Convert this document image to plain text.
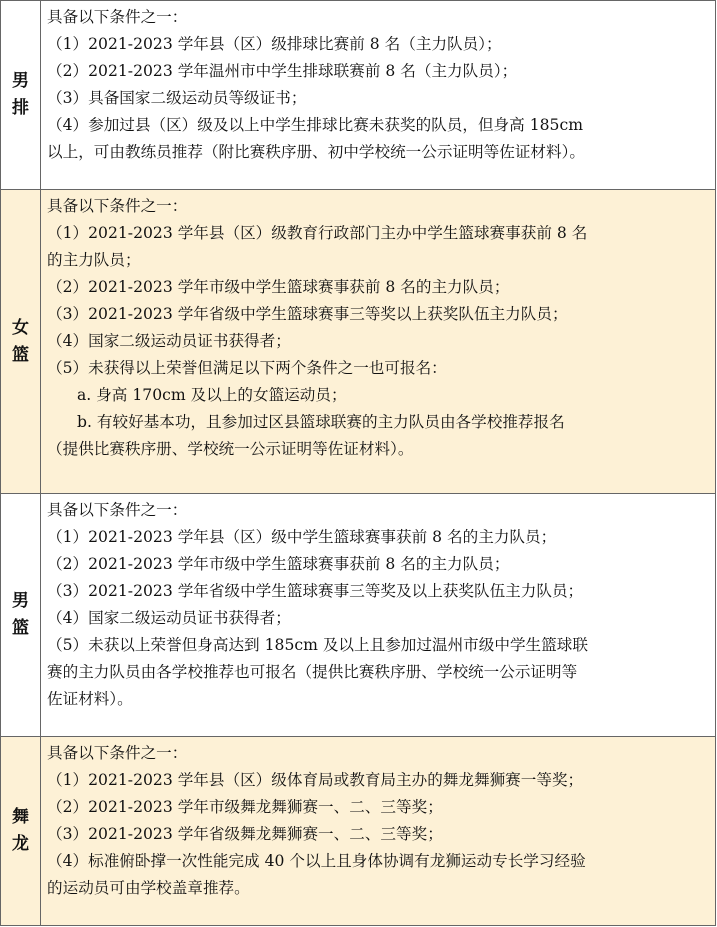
男
排
具备以下条件之一：
（1）2021-2023 学年县（区）级排球比赛前 8 名（主力队员）；
（2）2021-2023 学年温州市中学生排球联赛前 8 名（主力队员）；
（3）具备国家二级运动员等级证书；
（4）参加过县（区）级及以上中学生排球比赛未获奖的队员，但身高 185cm
以上，可由教练员推荐（附比赛秩序册、初中学校统一公示证明等佐证材料）。
女
篮
具备以下条件之一：
（1）2021-2023 学年县（区）级教育行政部门主办中学生篮球赛事获前 8 名
的主力队员；
（2）2021-2023 学年市级中学生篮球赛事获前 8 名的主力队员；
（3）2021-2023 学年省级中学生篮球赛事三等奖以上获奖队伍主力队员；
（4）国家二级运动员证书获得者；
（5）未获得以上荣誉但满足以下两个条件之一也可报名：
a. 身高 170cm 及以上的女篮运动员；
b. 有较好基本功，且参加过区县篮球联赛的主力队员由各学校推荐报名
（提供比赛秩序册、学校统一公示证明等佐证材料）。
男
篮
具备以下条件之一：
（1）2021-2023 学年县（区）级中学生篮球赛事获前 8 名的主力队员；
（2）2021-2023 学年市级中学生篮球赛事获前 8 名的主力队员；
（3）2021-2023 学年省级中学生篮球赛事三等奖及以上获奖队伍主力队员；
（4）国家二级运动员证书获得者；
（5）未获以上荣誉但身高达到 185cm 及以上且参加过温州市级中学生篮球联
赛的主力队员由各学校推荐也可报名（提供比赛秩序册、学校统一公示证明等
佐证材料）。
舞
龙
具备以下条件之一：
（1）2021-2023 学年县（区）级体育局或教育局主办的舞龙舞狮赛一等奖；
（2）2021-2023 学年市级舞龙舞狮赛一、二、三等奖；
（3）2021-2023 学年省级舞龙舞狮赛一、二、三等奖；
（4）标准俯卧撑一次性能完成 40 个以上且身体协调有龙狮运动专长学习经验
的运动员可由学校盖章推荐。
